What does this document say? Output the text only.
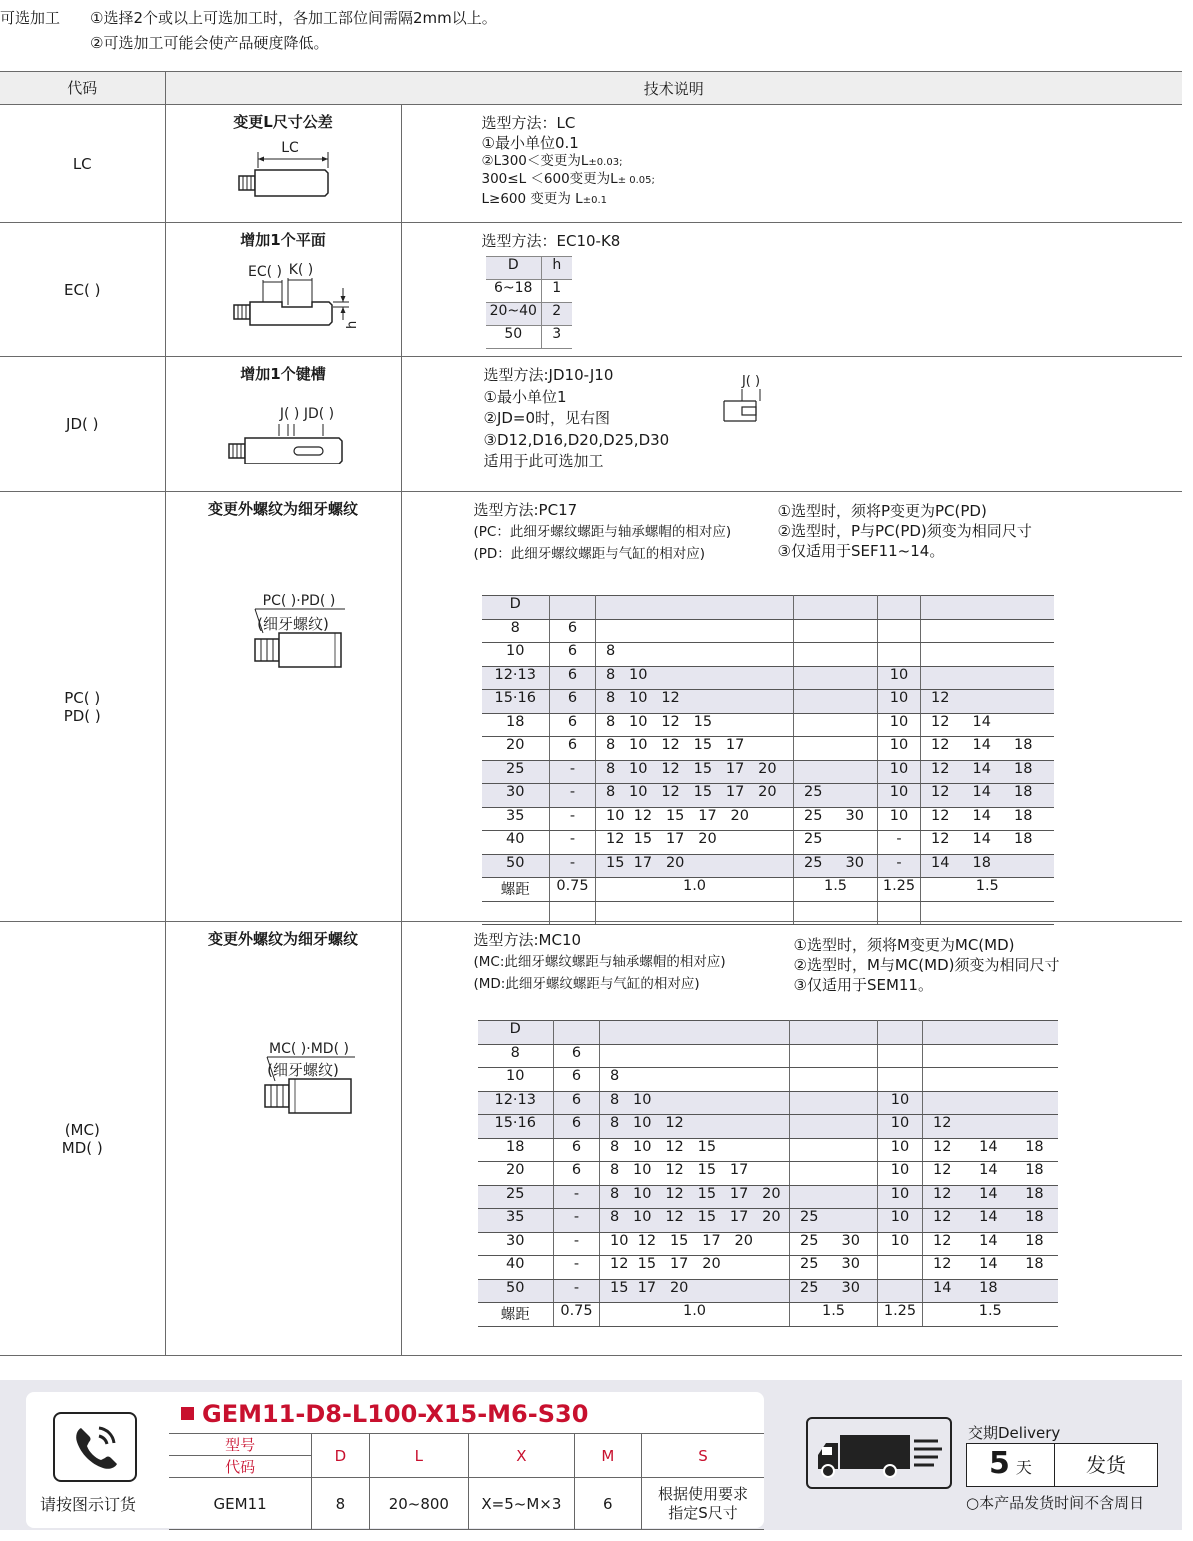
可选加工	①选择2个或以上可选加工时，各加工部位间需隔2mm以上。
②可选加工可能会使产品硬度降低。
代码	技术说明
LC	
变更L尺寸公差
LC

选型方法：LC
①最小单位0.1
②L300＜变更为L±0.03;
300≤L ＜600变更为L± 0.05;
L≥600 变更为 L±0.1

EC( )	
增加1个平面
EC( ) K( )
h

选型方法：EC10-K8
D	h
6~18	1
20~40	2
50	3

JD( )	
增加1个键槽
J( ) JD( )

选型方法:JD10-J10
①最小单位1
②JD=0时，见右图
③D12,D16,D20,D25,D30
适用于此可选加工
J( )

PC( )
PD( )

变更外螺纹为细牙螺纹
PC( )·PD( )
(细牙螺纹)

选型方法:PC17
(PC：此细牙螺纹螺距与轴承螺帽的相对应)
(PD：此细牙螺纹螺距与气缸的相对应)
①选型时，须将P变更为PC(PD)
②选型时，P与PC(PD)须变为相同尺寸
③仅适用于SEF11~14。
D					
8	6				
10	6	8			
12·13	6	8   10		10	
15·16	6	8   10   12		10	12
18	6	8   10   12   15		10	12     14
20	6	8   10   12   15   17		10	12     14     18
25	-	8   10   12   15   17   20		10	12     14     18
30	-	8   10   12   15   17   20	25	10	12     14     18
35	-	10  12   15   17   20	25     30	10	12     14     18
40	-	12  15   17   20	25	-	12     14     18
50	-	15  17   20	25     30	-	14     18
螺距	0.75	1.0	1.5	1.25	1.5

(MC)
MD( )

变更外螺纹为细牙螺纹
MC( )·MD( )
(细牙螺纹)

选型方法:MC10
(MC:此细牙螺纹螺距与轴承螺帽的相对应)
(MD:此细牙螺纹螺距与气缸的相对应)
①选型时，须将M变更为MC(MD)
②选型时，M与MC(MD)须变为相同尺寸
③仅适用于SEM11。
D					
8	6				
10	6	8			
12·13	6	8   10		10	
15·16	6	8   10   12		10	12
18	6	8   10   12   15		10	12      14      18
20	6	8   10   12   15   17		10	12      14      18
25	-	8   10   12   15   17   20		10	12      14      18
35	-	8   10   12   15   17   20	25	10	12      14      18
30	-	10  12   15   17   20	25     30	10	12      14      18
40	-	12  15   17   20	25     30		12      14      18
50	-	15  17   20	25     30		14      18
螺距	0.75	1.0	1.5	1.25	1.5
请按图示订货
GEM11-D8-L100-X15-M6-S30
型号	D	L	X	M	S
代码					
GEM11	8	20~800	X=5~M×3	6	根据使用要求
指定S尺寸
交期Delivery
5 天	发货
○本产品发货时间不含周日
